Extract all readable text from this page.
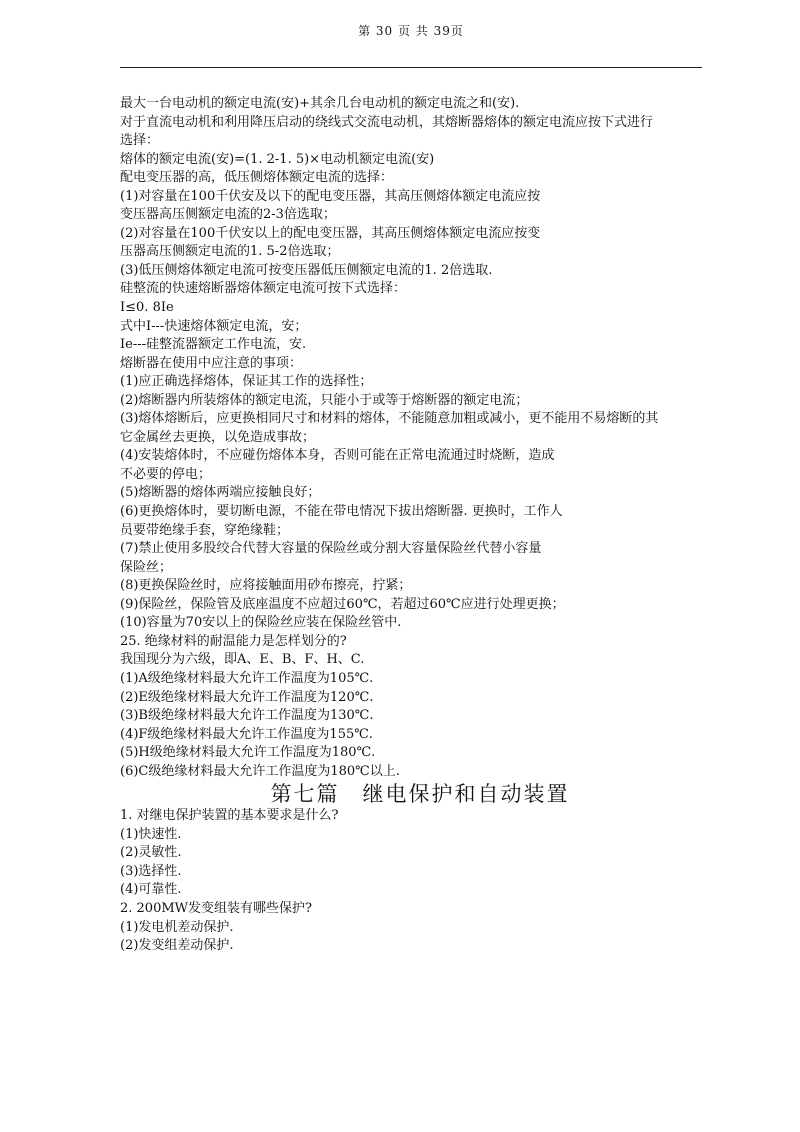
第 30 页 共 39页
最大一台电动机的额定电流(安)+其余几台电动机的额定电流之和(安).
对于直流电动机和利用降压启动的绕线式交流电动机，其熔断器熔体的额定电流应按下式进行
选择：
熔体的额定电流(安)=(1. 2-1. 5)×电动机额定电流(安)
配电变压器的高，低压侧熔体额定电流的选择：
(1)对容量在100千伏安及以下的配电变压器，其高压侧熔体额定电流应按
变压器高压侧额定电流的2-3倍选取；
(2)对容量在100千伏安以上的配电变压器，其高压侧熔体额定电流应按变
压器高压侧额定电流的1. 5-2倍选取；
(3)低压侧熔体额定电流可按变压器低压侧额定电流的1. 2倍选取.
硅整流的快速熔断器熔体额定电流可按下式选择：
I≤0. 8Ie
式中I---快速熔体额定电流，安；
Ie---硅整流器额定工作电流，安.
熔断器在使用中应注意的事项：
(1)应正确选择熔体，保证其工作的选择性；
(2)熔断器内所装熔体的额定电流，只能小于或等于熔断器的额定电流；
(3)熔体熔断后，应更换相同尺寸和材料的熔体，不能随意加粗或减小，更不能用不易熔断的其
它金属丝去更换，以免造成事故；
(4)安装熔体时，不应碰伤熔体本身，否则可能在正常电流通过时烧断，造成
不必要的停电；
(5)熔断器的熔体两端应接触良好；
(6)更换熔体时，要切断电源，不能在带电情况下拔出熔断器. 更换时，工作人
员要带绝缘手套，穿绝缘鞋；
(7)禁止使用多股绞合代替大容量的保险丝或分割大容量保险丝代替小容量
保险丝；
(8)更换保险丝时，应将接触面用砂布擦亮，拧紧；
(9)保险丝，保险管及底座温度不应超过60℃，若超过60℃应进行处理更换；
(10)容量为70安以上的保险丝应装在保险丝管中.
25. 绝缘材料的耐温能力是怎样划分的?
我国现分为六级，即A、E、B、F、H、C.
(1)A级绝缘材料最大允许工作温度为105℃.
(2)E级绝缘材料最大允许工作温度为120℃.
(3)B级绝缘材料最大允许工作温度为130℃.
(4)F级绝缘材料最大允许工作温度为155℃.
(5)H级绝缘材料最大允许工作温度为180℃.
(6)C级绝缘材料最大允许工作温度为180℃以上.
第七篇　继电保护和自动装置
1. 对继电保护装置的基本要求是什么?
(1)快速性.
(2)灵敏性.
(3)选择性.
(4)可靠性.
2. 200MW发变组装有哪些保护?
(1)发电机差动保护.
(2)发变组差动保护.
